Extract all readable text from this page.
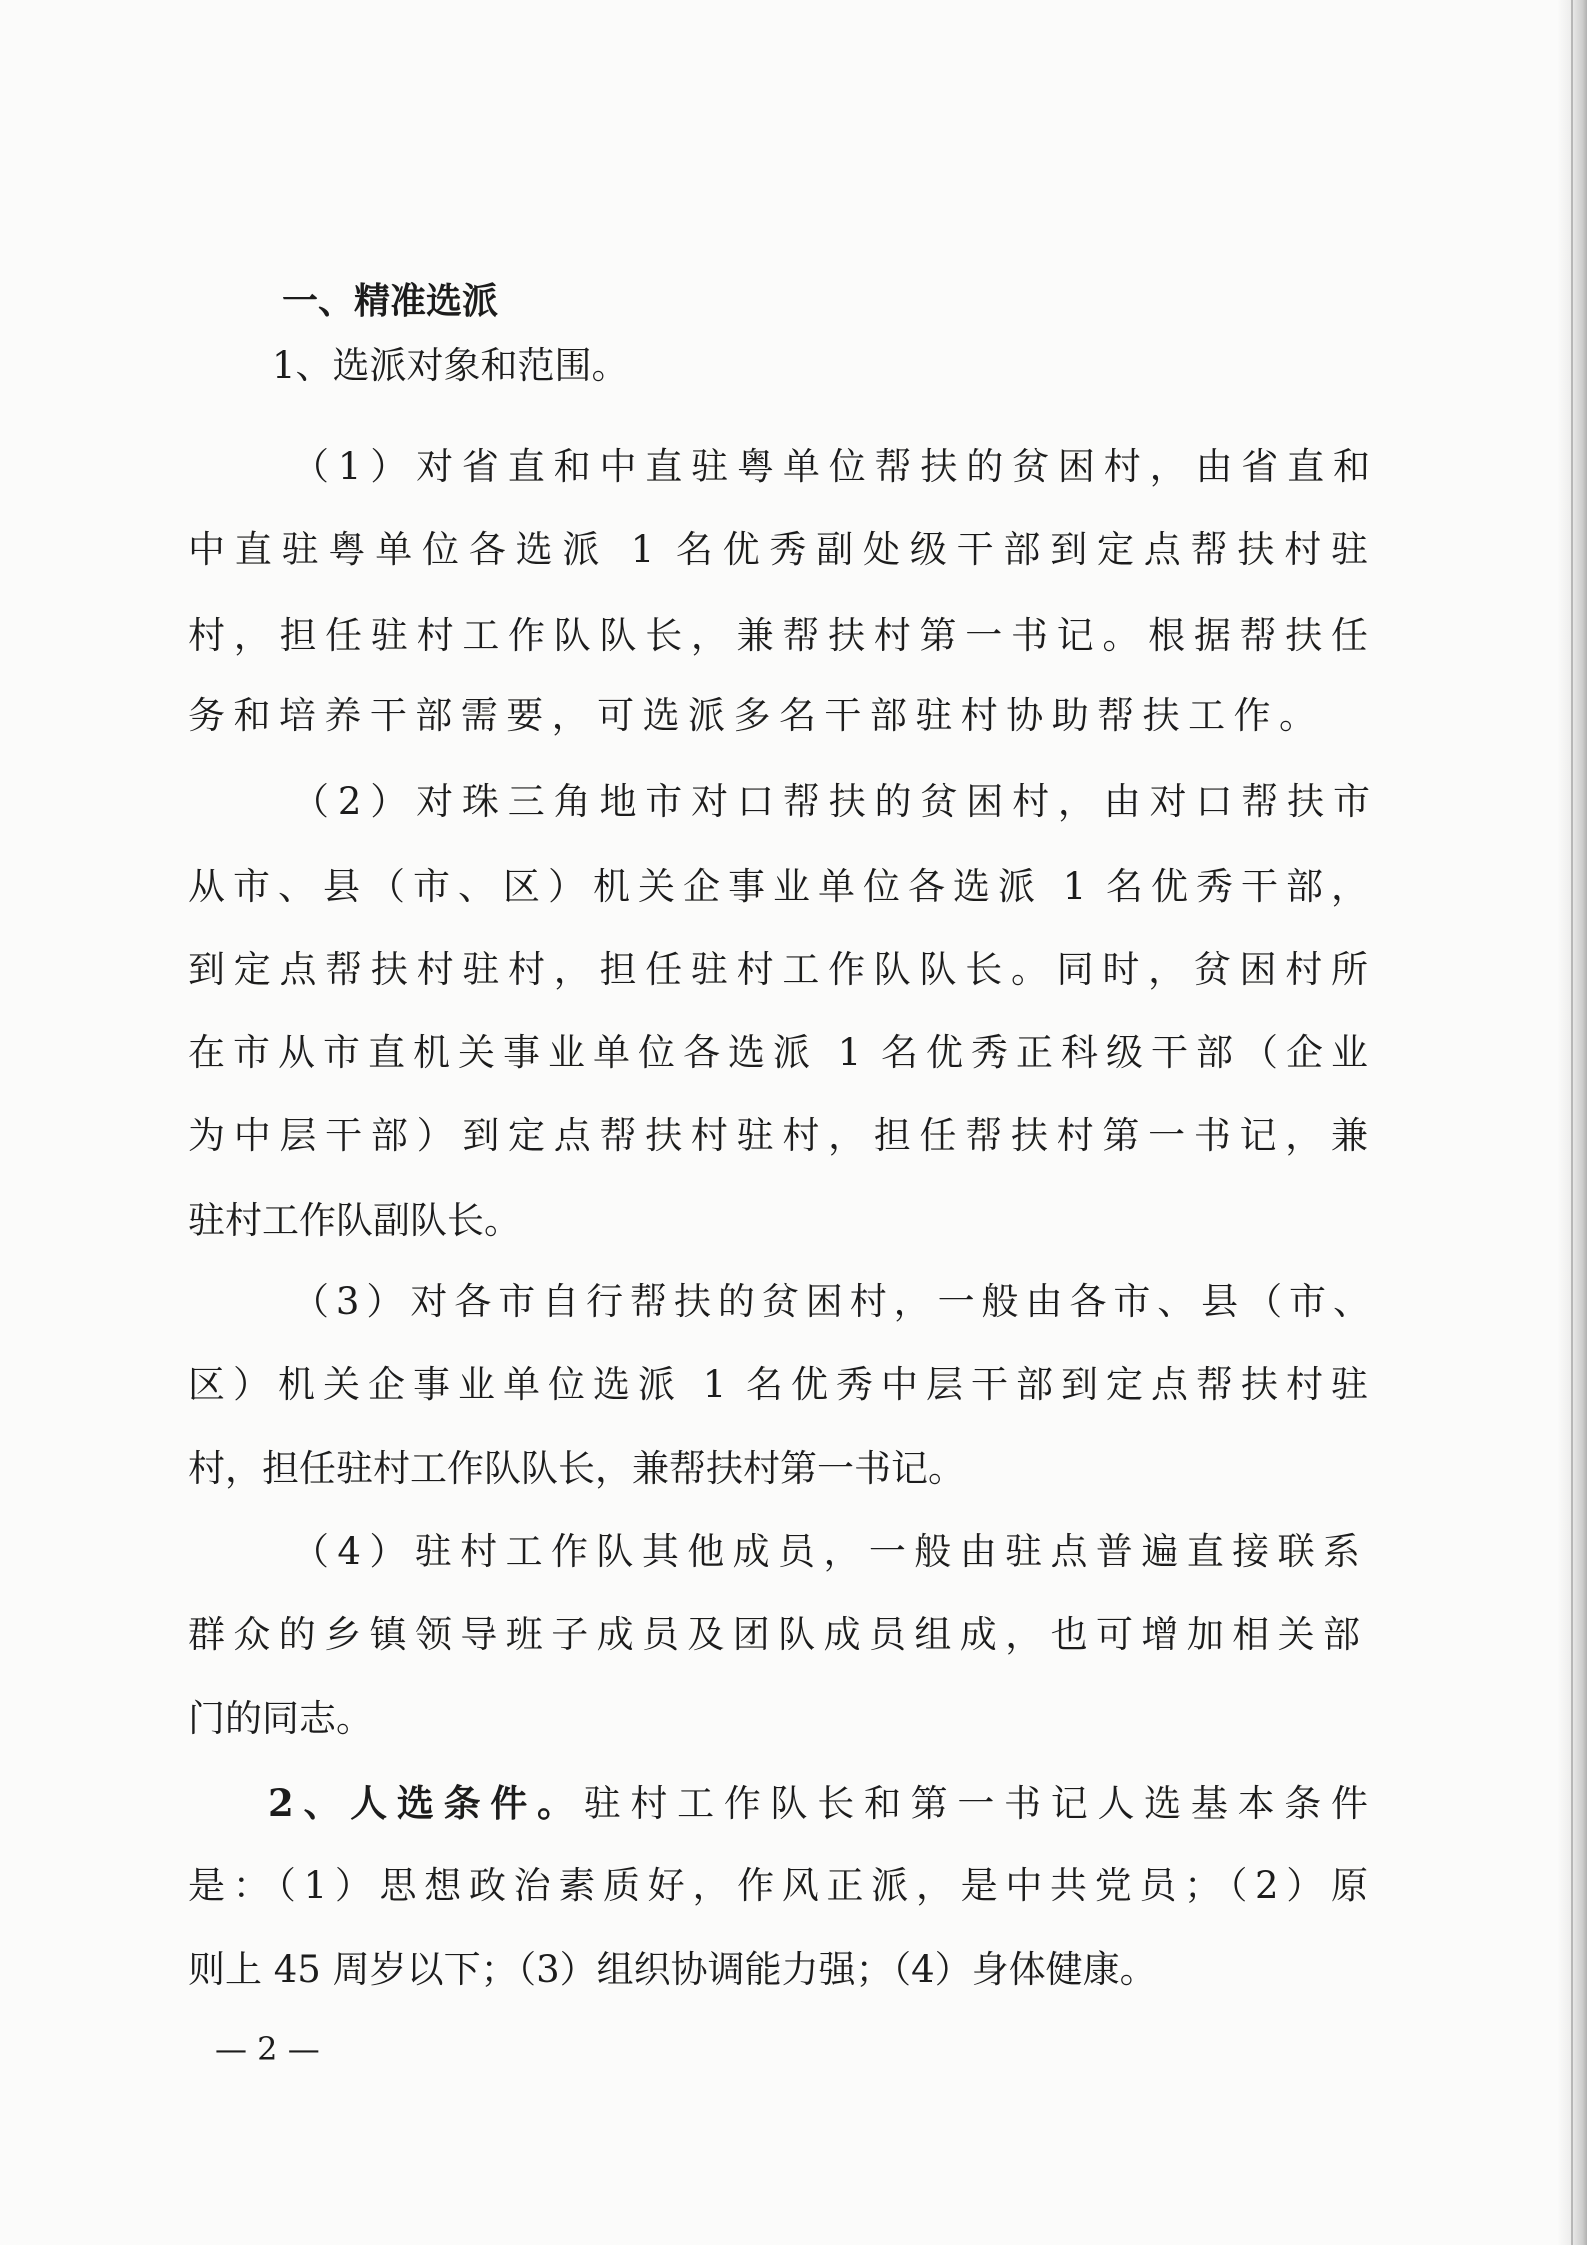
一、精准选派
1、选派对象和范围。
（1）对省直和中直驻粤单位帮扶的贫困村，由省直和
中直驻粤单位各选派 1 名优秀副处级干部到定点帮扶村驻
村，担任驻村工作队队长，兼帮扶村第一书记。根据帮扶任
务和培养干部需要，可选派多名干部驻村协助帮扶工作。
（2）对珠三角地市对口帮扶的贫困村，由对口帮扶市
从市、县（市、区）机关企事业单位各选派 1 名优秀干部，
到定点帮扶村驻村，担任驻村工作队队长。同时，贫困村所
在市从市直机关事业单位各选派 1 名优秀正科级干部（企业
为中层干部）到定点帮扶村驻村，担任帮扶村第一书记，兼
驻村工作队副队长。
（3）对各市自行帮扶的贫困村，一般由各市、县（市、
区）机关企事业单位选派 1 名优秀中层干部到定点帮扶村驻
村，担任驻村工作队队长，兼帮扶村第一书记。
（4）驻村工作队其他成员，一般由驻点普遍直接联系
群众的乡镇领导班子成员及团队成员组成，也可增加相关部
门的同志。
2、人选条件。驻村工作队长和第一书记人选基本条件
是：（1）思想政治素质好，作风正派，是中共党员；（2）原
则上 45 周岁以下；（3）组织协调能力强；（4）身体健康。
— 2 —
